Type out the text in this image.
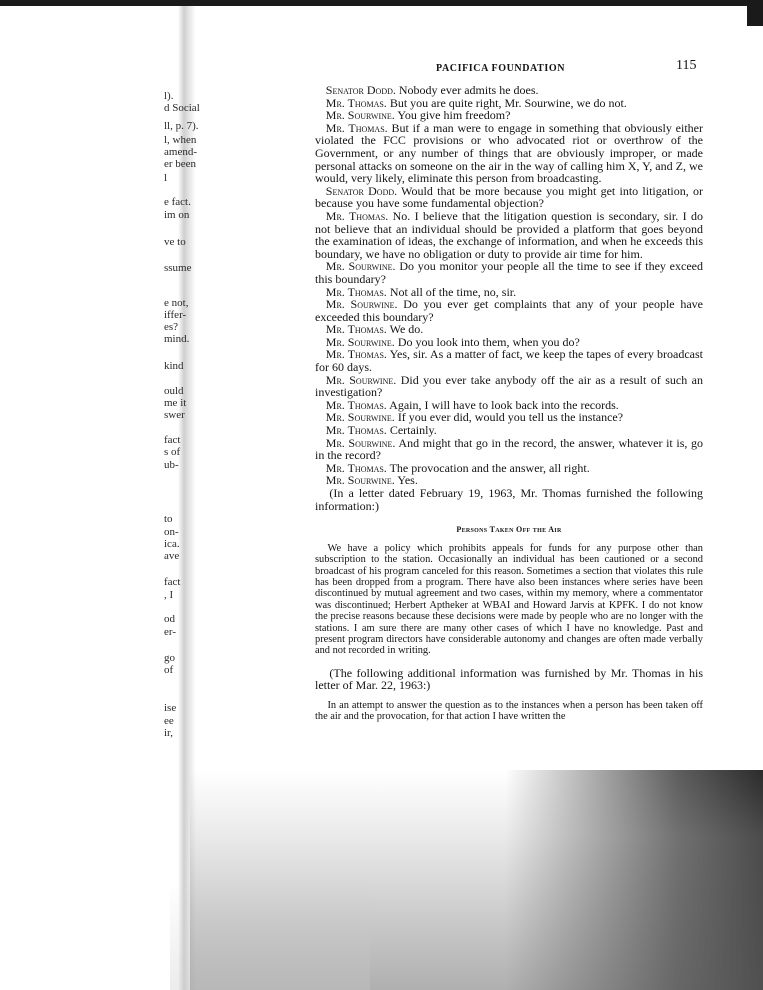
l).
d Social
ll, p. 7).
l, when
amend-
er been
l
e fact.
im on
ve to
ssume
e not,
iffer-
es?
mind.
kind
ould
me it
swer
fact
s of
ub-
to
on-
ica.
ave
fact
, I
od
er-
go
of
ise
ee
ir,
PACIFICA FOUNDATION	115

Senator Dodd. Nobody ever admits he does.

Mr. Thomas. But you are quite right, Mr. Sourwine, we do not.

Mr. Sourwine. You give him freedom?

Mr. Thomas. But if a man were to engage in something that obviously either violated the FCC provisions or who advocated riot or overthrow of the Government, or any number of things that are obviously improper, or made personal attacks on someone on the air in the way of calling him X, Y, and Z, we would, very likely, eliminate this person from broadcasting.

Senator Dodd. Would that be more because you might get into litigation, or because you have some fundamental objection?

Mr. Thomas. No. I believe that the litigation question is secondary, sir. I do not believe that an individual should be provided a platform that goes beyond the examination of ideas, the exchange of information, and when he exceeds this boundary, we have no obligation or duty to provide air time for him.

Mr. Sourwine. Do you monitor your people all the time to see if they exceed this boundary?

Mr. Thomas. Not all of the time, no, sir.

Mr. Sourwine. Do you ever get complaints that any of your people have exceeded this boundary?

Mr. Thomas. We do.

Mr. Sourwine. Do you look into them, when you do?

Mr. Thomas. Yes, sir. As a matter of fact, we keep the tapes of every broadcast for 60 days.

Mr. Sourwine. Did you ever take anybody off the air as a result of such an investigation?

Mr. Thomas. Again, I will have to look back into the records.

Mr. Sourwine. If you ever did, would you tell us the instance?

Mr. Thomas. Certainly.

Mr. Sourwine. And might that go in the record, the answer, whatever it is, go in the record?

Mr. Thomas. The provocation and the answer, all right.

Mr. Sourwine. Yes.

(In a letter dated February 19, 1963, Mr. Thomas furnished the following information:)

Persons Taken Off the Air

We have a policy which prohibits appeals for funds for any purpose other than subscription to the station. Occasionally an individual has been cautioned or a second broadcast of his program canceled for this reason. Sometimes a section that violates this rule has been dropped from a program. There have also been instances where series have been discontinued by mutual agreement and two cases, within my memory, where a commentator was discontinued; Herbert Aptheker at WBAI and Howard Jarvis at KPFK. I do not know the precise reasons because these decisions were made by people who are no longer with the stations. I am sure there are many other cases of which I have no knowledge. Past and present program directors have considerable autonomy and changes are often made verbally and not recorded in writing.

(The following additional information was furnished by Mr. Thomas in his letter of Mar. 22, 1963:)

In an attempt to answer the question as to the instances when a person has been taken off the air and the provocation, for that action I have written the
